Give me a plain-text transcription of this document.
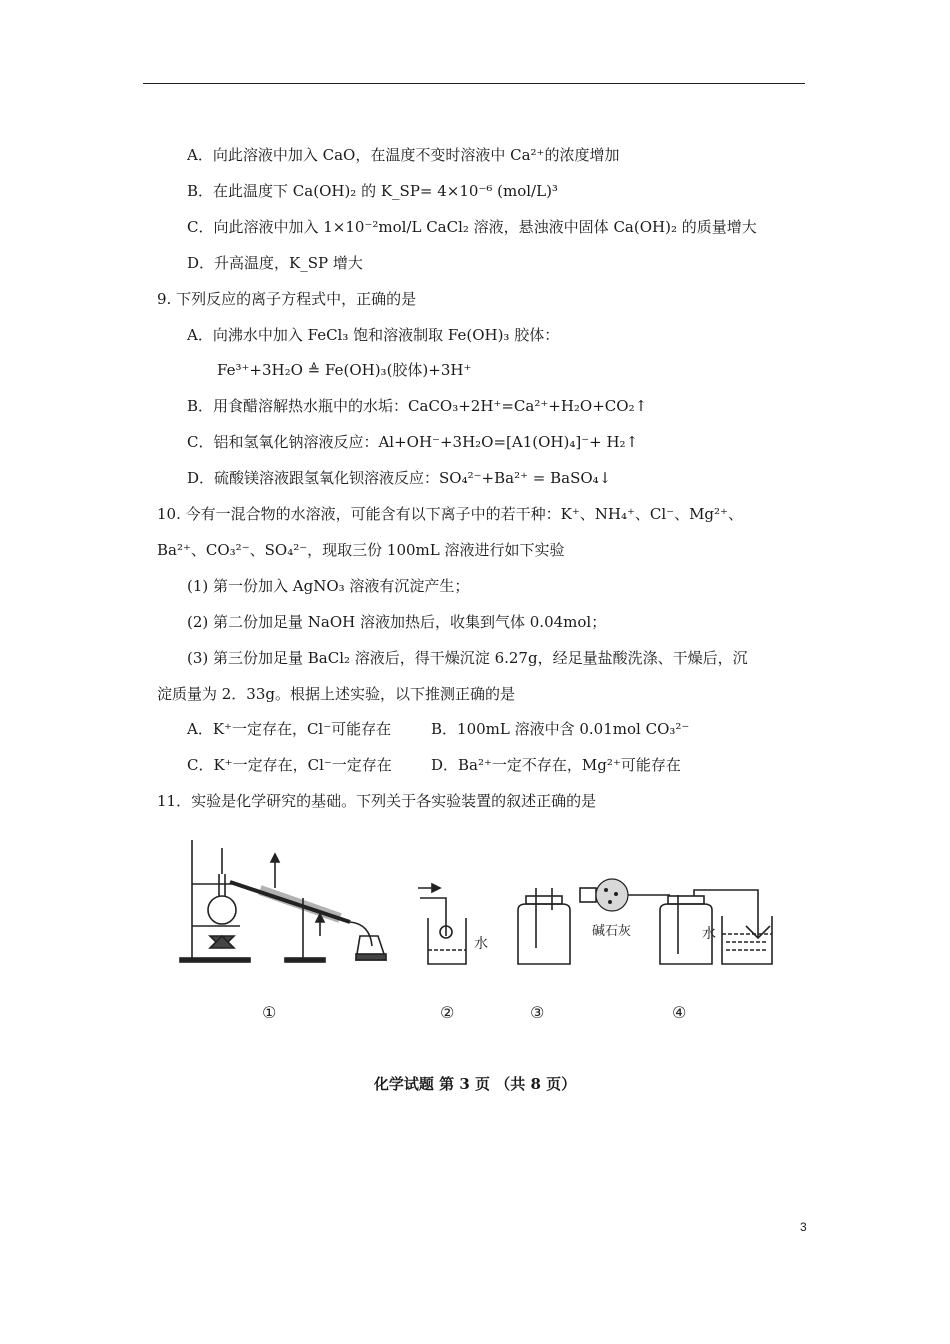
A．向此溶液中加入 CaO，在温度不变时溶液中 Ca²⁺的浓度增加
B．在此温度下 Ca(OH)₂ 的 K_SP= 4×10⁻⁶ (mol/L)³
C．向此溶液中加入 1×10⁻²mol/L CaCl₂ 溶液，悬浊液中固体 Ca(OH)₂ 的质量增大
D．升高温度，K_SP 增大
9. 下列反应的离子方程式中，正确的是
A．向沸水中加入 FeCl₃ 饱和溶液制取 Fe(OH)₃ 胶体：
Fe³⁺+3H₂O ≜ Fe(OH)₃(胶体)+3H⁺
B．用食醋溶解热水瓶中的水垢：CaCO₃+2H⁺=Ca²⁺+H₂O+CO₂↑
C．铝和氢氧化钠溶液反应：Al+OH⁻+3H₂O=[A1(OH)₄]⁻+ H₂↑
D．硫酸镁溶液跟氢氧化钡溶液反应：SO₄²⁻+Ba²⁺ = BaSO₄↓
10. 今有一混合物的水溶液，可能含有以下离子中的若干种：K⁺、NH₄⁺、Cl⁻、Mg²⁺、
Ba²⁺、CO₃²⁻、SO₄²⁻，现取三份 100mL 溶液进行如下实验
(1) 第一份加入 AgNO₃ 溶液有沉淀产生；
(2) 第二份加足量 NaOH 溶液加热后，收集到气体 0.04mol；
(3) 第三份加足量 BaCl₂ 溶液后，得干燥沉淀 6.27g，经足量盐酸洗涤、干燥后，沉
淀质量为 2．33g。根据上述实验，以下推测正确的是
A．K⁺一定存在，Cl⁻可能存在	B．100mL 溶液中含 0.01mol CO₃²⁻
C．K⁺一定存在，Cl⁻一定存在	D．Ba²⁺一定不存在，Mg²⁺可能存在
11．实验是化学研究的基础。下列关于各实验装置的叙述正确的是
水
碱石灰	水
①	②	③	④
化学试题 第 3 页 （共 8 页）
3
